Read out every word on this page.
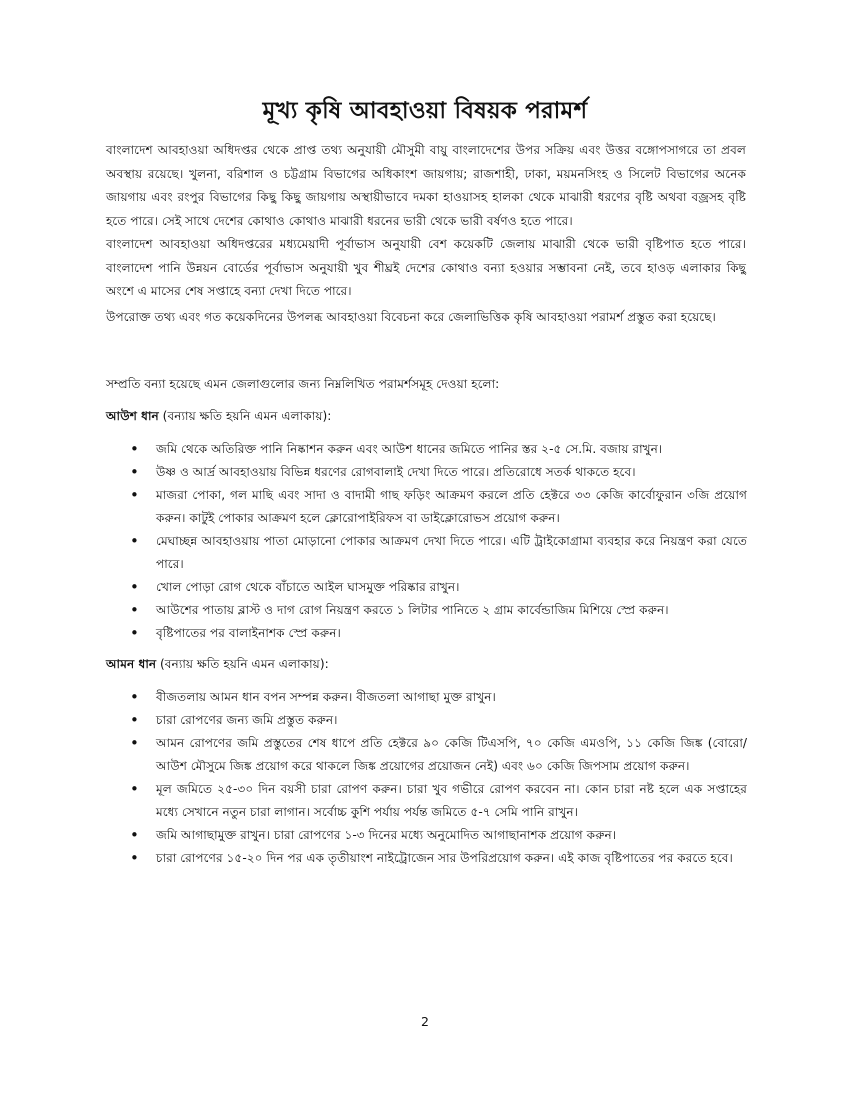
মূখ্য কৃষি আবহাওয়া বিষয়ক পরামর্শ

বাংলাদেশ আবহাওয়া অধিদপ্তর থেকে প্রাপ্ত তথ্য অনুযায়ী মৌসুমী বায়ু বাংলাদেশের উপর সক্রিয় এবং উত্তর বঙ্গোপসাগরে তা প্রবল অবস্থায় রয়েছে। খুলনা, বরিশাল ও চট্টগ্রাম বিভাগের অধিকাংশ জায়গায়; রাজশাহী, ঢাকা, ময়মনসিংহ ও সিলেট বিভাগের অনেক জায়গায় এবং রংপুর বিভাগের কিছু কিছু জায়গায় অস্থায়ীভাবে দমকা হাওয়াসহ হালকা থেকে মাঝারী ধরণের বৃষ্টি অথবা বজ্রসহ বৃষ্টি হতে পারে। সেই সাথে দেশের কোথাও কোথাও মাঝারী ধরনের ভারী থেকে ভারী বর্ষণও হতে পারে।

বাংলাদেশ আবহাওয়া অধিদপ্তরের মধ্যমেয়াদী পূর্বাভাস অনুযায়ী বেশ কয়েকটি জেলায় মাঝারী থেকে ভারী বৃষ্টিপাত হতে পারে। বাংলাদেশ পানি উন্নয়ন বোর্ডের পূর্বাভাস অনুযায়ী খুব শীঘ্রই দেশের কোথাও বন্যা হওয়ার সম্ভাবনা নেই, তবে হাওড় এলাকার কিছু অংশে এ মাসের শেষ সপ্তাহে বন্যা দেখা দিতে পারে।

উপরোক্ত তথ্য এবং গত কয়েকদিনের উপলব্ধ আবহাওয়া বিবেচনা করে জেলাভিত্তিক কৃষি আবহাওয়া পরামর্শ প্রস্তুত করা হয়েছে।

সম্প্রতি বন্যা হয়েছে এমন জেলাগুলোর জন্য নিম্নলিখিত পরামর্শসমূহ দেওয়া হলো:

আউশ ধান (বন্যায় ক্ষতি হয়নি এমন এলাকায়):

• জমি থেকে অতিরিক্ত পানি নিষ্কাশন করুন এবং আউশ ধানের জমিতে পানির স্তর ২-৫ সে.মি. বজায় রাখুন।
• উষ্ণ ও আর্দ্র আবহাওয়ায় বিভিন্ন ধরণের রোগবালাই দেখা দিতে পারে। প্রতিরোধে সতর্ক থাকতে হবে।
• মাজরা পোকা, গল মাছি এবং সাদা ও বাদামী গাছ ফড়িং আক্রমণ করলে প্রতি হেক্টরে ৩৩ কেজি কার্বোফুরান ৩জি প্রয়োগ করুন। কাটুই পোকার আক্রমণ হলে ক্লোরোপাইরিফস বা ডাইক্লোরোভস প্রয়োগ করুন।
• মেঘাচ্ছন্ন আবহাওয়ায় পাতা মোড়ানো পোকার আক্রমণ দেখা দিতে পারে। এটি ট্রাইকোগ্রামা ব্যবহার করে নিয়ন্ত্রণ করা যেতে পারে।
• খোল পোড়া রোগ থেকে বাঁচাতে আইল ঘাসমুক্ত পরিষ্কার রাখুন।
• আউশের পাতায় ব্লাস্ট ও দাগ রোগ নিয়ন্ত্রণ করতে ১ লিটার পানিতে ২ গ্রাম কার্বেন্ডাজিম মিশিয়ে স্প্রে করুন।
• বৃষ্টিপাতের পর বালাইনাশক স্প্রে করুন।

আমন ধান (বন্যায় ক্ষতি হয়নি এমন এলাকায়):

• বীজতলায় আমন ধান বপন সম্পন্ন করুন। বীজতলা আগাছা মুক্ত রাখুন।
• চারা রোপণের জন্য জমি প্রস্তুত করুন।
• আমন রোপণের জমি প্রস্তুতের শেষ ধাপে প্রতি হেক্টরে ৯০ কেজি টিএসপি, ৭০ কেজি এমওপি, ১১ কেজি জিঙ্ক (বোরো/আউশ মৌসুমে জিঙ্ক প্রয়োগ করে থাকলে জিঙ্ক প্রয়োগের প্রয়োজন নেই) এবং ৬০ কেজি জিপসাম প্রয়োগ করুন।
• মূল জমিতে ২৫-৩০ দিন বয়সী চারা রোপণ করুন। চারা খুব গভীরে রোপণ করবেন না। কোন চারা নষ্ট হলে এক সপ্তাহের মধ্যে সেখানে নতুন চারা লাগান। সর্বোচ্চ কুশি পর্যায় পর্যন্ত জমিতে ৫-৭ সেমি পানি রাখুন।
• জমি আগাছামুক্ত রাখুন। চারা রোপণের ১-৩ দিনের মধ্যে অনুমোদিত আগাছানাশক প্রয়োগ করুন।
• চারা রোপণের ১৫-২০ দিন পর এক তৃতীয়াংশ নাইট্রোজেন সার উপরিপ্রয়োগ করুন। এই কাজ বৃষ্টিপাতের পর করতে হবে।
2
